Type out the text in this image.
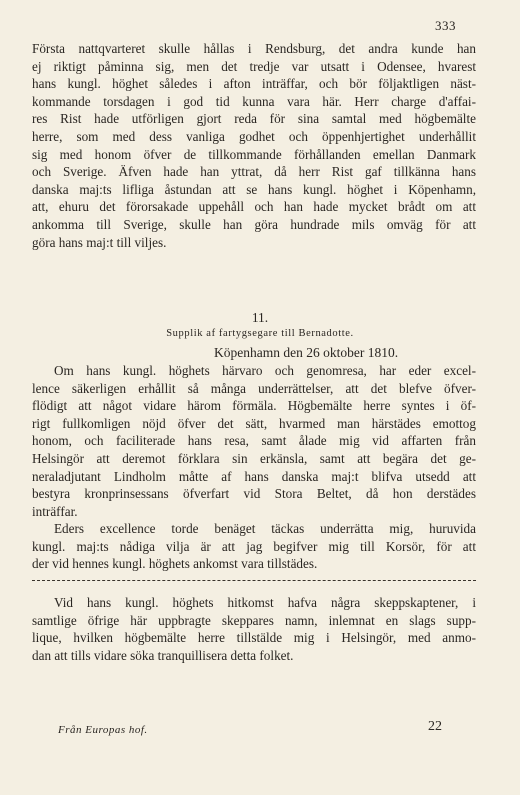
333

Första nattqvarteret skulle hållas i Rendsburg, det andra kunde han
ej riktigt påminna sig, men det tredje var utsatt i Odensee, hvarest
hans kungl. höghet således i afton inträffar, och bör följaktligen näst-
kommande torsdagen i god tid kunna vara här. Herr charge d'affai-
res Rist hade utförligen gjort reda för sina samtal med högbemälte
herre, som med dess vanliga godhet och öppenhjertighet underhållit
sig med honom öfver de tillkommande förhållanden emellan Danmark
och Sverige. Äfven hade han yttrat, då herr Rist gaf tillkänna hans
danska maj:ts lifliga åstundan att se hans kungl. höghet i Köpenhamn,
att, ehuru det förorsakade uppehåll och han hade mycket brådt om att
ankomma till Sverige, skulle han göra hundrade mils omväg för att
göra hans maj:t till viljes.

11.
Supplik af fartygsegare till Bernadotte.
Köpenhamn den 26 oktober 1810.

Om hans kungl. höghets härvaro och genomresa, har eder excel-
lence säkerligen erhållit så många underrättelser, att det blefve öfver-
flödigt att något vidare härom förmäla. Högbemälte herre syntes i öf-
rigt fullkomligen nöjd öfver det sätt, hvarmed man härstädes emottog
honom, och faciliterade hans resa, samt ålade mig vid affarten från
Helsingör att deremot förklara sin erkänsla, samt att begära det ge-
neraladjutant Lindholm måtte af hans danska maj:t blifva utsedd att
bestyra kronprinsessans öfverfart vid Stora Beltet, då hon derstädes
inträffar.

Eders excellence torde benäget täckas underrätta mig, huruvida
kungl. maj:ts nådiga vilja är att jag begifver mig till Korsör, för att
der vid hennes kungl. höghets ankomst vara tillstädes.

Vid hans kungl. höghets hitkomst hafva några skeppskaptener, i
samtlige öfrige här uppbragte skeppares namn, inlemnat en slags supp-
lique, hvilken högbemälte herre tillstälde mig i Helsingör, med anmo-
dan att tills vidare söka tranquillisera detta folket.

Från Europas hof.	22
